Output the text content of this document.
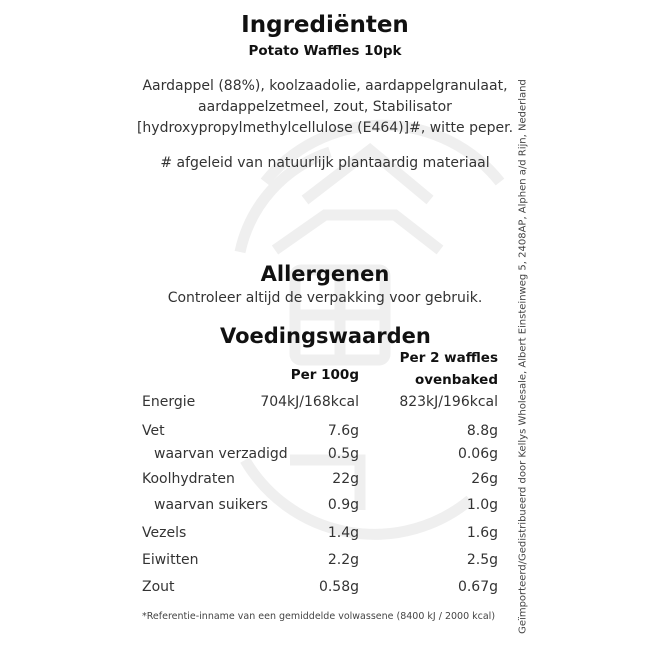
Ingrediënten
Potato Waffles 10pk
Aardappel (88%), koolzaadolie, aardappelgranulaat,
aardappelzetmeel, zout, Stabilisator
[hydroxypropylmethylcellulose (E464)]#, witte peper.
# afgeleid van natuurlijk plantaardig materiaal
Allergenen
Controleer altijd de verpakking voor gebruik.
Voedingswaarden
Per 100g
Per 2 waffles
ovenbaked
Energie	704kJ/168kcal	823kJ/196kcal
Vet	7.6g	8.8g
waarvan verzadigd	0.5g	0.06g
Koolhydraten	22g	26g
waarvan suikers	0.9g	1.0g
Vezels	1.4g	1.6g
Eiwitten	2.2g	2.5g
Zout	0.58g	0.67g
*Referentie-inname van een gemiddelde volwassene (8400 kJ / 2000 kcal) Geïmporteerd/Gedistribueerd door Kellys Wholesale, Albert Einsteinweg 5, 2408AP, Alphen a/d Rijn, Nederland
